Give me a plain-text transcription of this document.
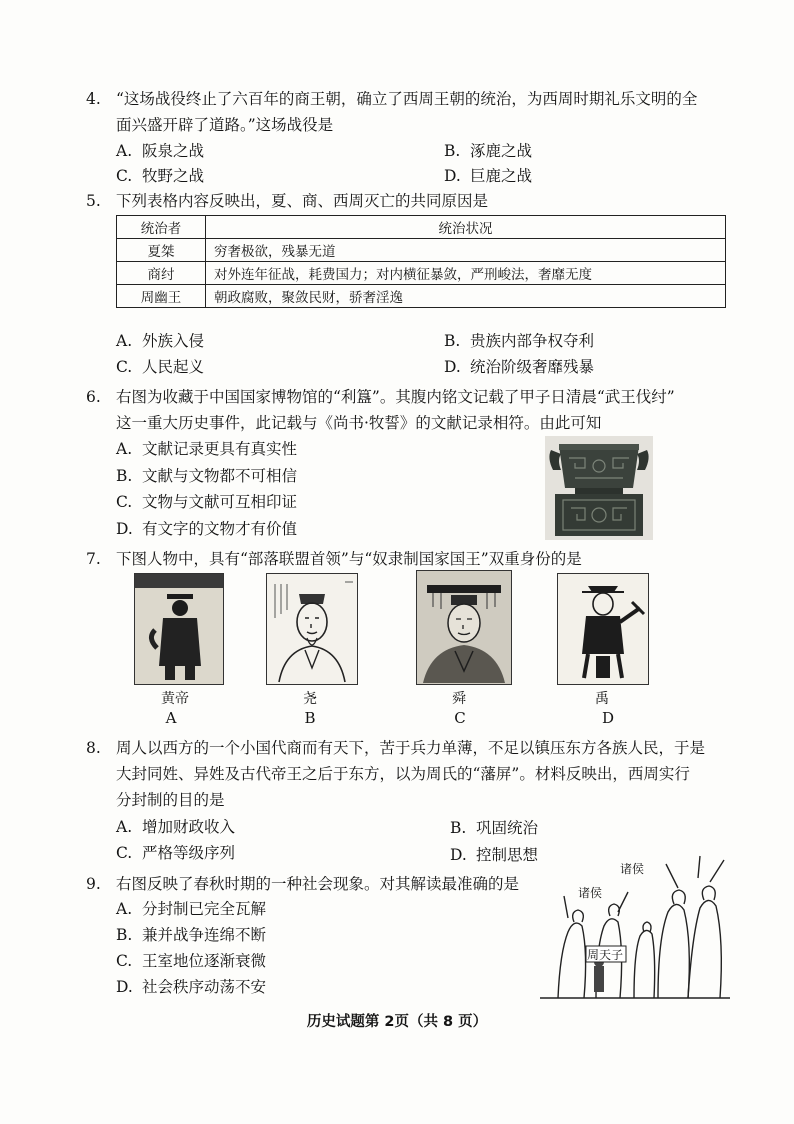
4. “这场战役终止了六百年的商王朝，确立了西周王朝的统治，为西周时期礼乐文明的全
面兴盛开辟了道路。”这场战役是
A. 阪泉之战	B. 涿鹿之战
C. 牧野之战	D. 巨鹿之战
5. 下列表格内容反映出，夏、商、西周灭亡的共同原因是
统治者	统治状况
夏桀	穷奢极欲，残暴无道
商纣	对外连年征战，耗费国力；对内横征暴敛，严刑峻法，奢靡无度
周幽王	朝政腐败，聚敛民财，骄奢淫逸
A. 外族入侵	B. 贵族内部争权夺利
C. 人民起义	D. 统治阶级奢靡残暴
6. 右图为收藏于中国国家博物馆的“利簋”。其腹内铭文记载了甲子日清晨“武王伐纣”
这一重大历史事件，此记载与《尚书·牧誓》的文献记录相符。由此可知
A. 文献记录更具有真实性
B. 文献与文物都不可相信
C. 文物与文献可互相印证
D. 有文字的文物才有价值
7. 下图人物中，具有“部落联盟首领”与“奴隶制国家国王”双重身份的是
黄帝	尧	舜	禹
A	B	C	D
8. 周人以西方的一个小国代商而有天下，苦于兵力单薄，不足以镇压东方各族人民，于是
大封同姓、异姓及古代帝王之后于东方，以为周氏的“藩屏”。材料反映出，西周实行
分封制的目的是
A. 增加财政收入	B. 巩固统治
C. 严格等级序列	D. 控制思想
9. 右图反映了春秋时期的一种社会现象。对其解读最准确的是
A. 分封制已完全瓦解
B. 兼并战争连绵不断
C. 王室地位逐渐衰微
D. 社会秩序动荡不安
诸侯
诸侯
周天子
历史试题第 2页（共 8 页）
